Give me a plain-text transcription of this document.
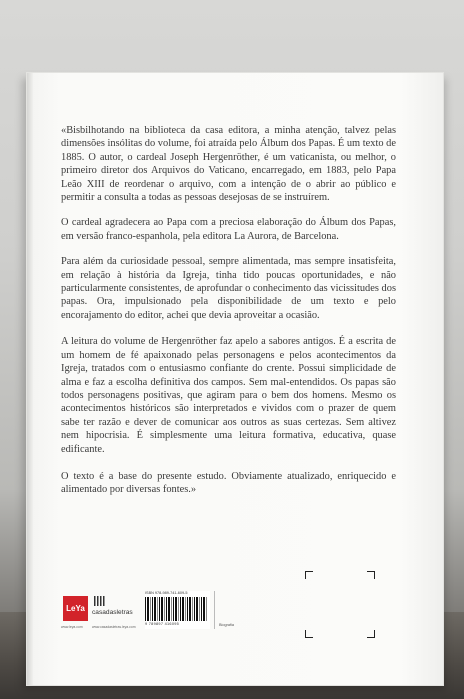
«Bisbilhotando na biblioteca da casa editora, a minha atenção, talvez pelas dimensões insólitas do volume, foi atraída pelo Álbum dos Papas. É um texto de 1885. O autor, o cardeal Joseph Hergenröther, é um vaticanista, ou melhor, o primeiro diretor dos Arquivos do Vaticano, encarregado, em 1883, pelo Papa Leão XIII de reordenar o arquivo, com a intenção de o abrir ao público e permitir a consulta a todas as pessoas desejosas de se instruírem.

O cardeal agradecera ao Papa com a preciosa elaboração do Álbum dos Papas, em versão franco-espanhola, pela editora La Aurora, de Barcelona.

Para além da curiosidade pessoal, sempre alimentada, mas sempre insatisfeita, em relação à história da Igreja, tinha tido poucas oportunidades, e não particularmente consistentes, de aprofundar o conhecimento das vicissitudes dos papas. Ora, impulsionado pela disponibilidade de um texto e pelo encorajamento do editor, achei que devia aproveitar a ocasião.

A leitura do volume de Hergenröther faz apelo a sabores antigos. É a escrita de um homem de fé apaixonado pelas personagens e pelos acontecimentos da Igreja, tratados com o entusiasmo confiante do crente. Possui simplicidade de alma e faz a escolha definitiva dos campos. Sem mal-entendidos. Os papas são todos personagens positivas, que agiram para o bem dos homens. Mesmo os acontecimentos históricos são interpretados e vividos com o prazer de quem sabe ter razão e dever de comunicar aos outros as suas certezas. Sem altivez nem hipocrisia. É simplesmente uma leitura formativa, educativa, quase edificante.

O texto é a base do presente estudo. Obviamente atualizado, enriquecido e alimentado por diversas fontes.»

LeYa
www.leya.com
casadasletras
www.casadasletras.leya.com
ISBN 978-989-741-609-5
9 789897 416095	Biografia
